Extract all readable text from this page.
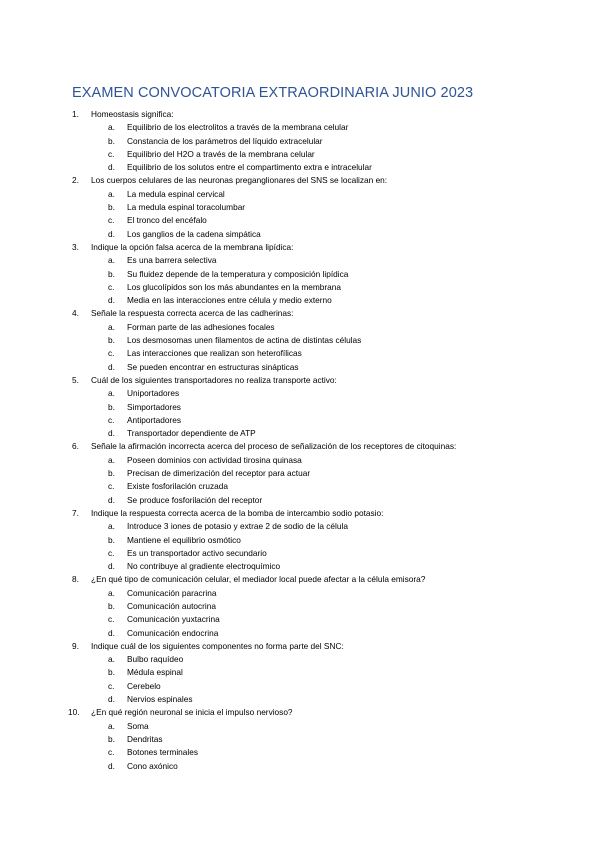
EXAMEN CONVOCATORIA EXTRAORDINARIA JUNIO 2023
1.	Homeostasis significa:
a. Equilibrio de los electrolitos a través de la membrana celular
b. Constancia de los parámetros del líquido extracelular
c. Equilibrio del H2O a través de la membrana celular
d. Equilibrio de los solutos entre el compartimento extra e intracelular
2.	Los cuerpos celulares de las neuronas preganglionares del SNS se localizan en:
a. La medula espinal cervical
b. La medula espinal toracolumbar
c. El tronco del encéfalo
d. Los ganglios de la cadena simpática
3.	Indique la opción falsa acerca de la membrana lipídica:
a. Es una barrera selectiva
b. Su fluidez depende de la temperatura y composición lipídica
c. Los glucolípidos son los más abundantes en la membrana
d. Media en las interacciones entre célula y medio externo
4.	Señale la respuesta correcta acerca de las cadherinas:
a. Forman parte de las adhesiones focales
b. Los desmosomas unen filamentos de actina de distintas células
c. Las interacciones que realizan son heterofílicas
d. Se pueden encontrar en estructuras sinápticas
5.	Cuál de los siguientes transportadores no realiza transporte activo:
a. Uniportadores
b. Simportadores
c. Antiportadores
d. Transportador dependiente de ATP
6.	Señale la afirmación incorrecta acerca del proceso de señalización de los receptores de citoquinas:
a. Poseen dominios con actividad tirosina quinasa
b. Precisan de dimerización del receptor para actuar
c. Existe fosforilación cruzada
d. Se produce fosforilación del receptor
7.	Indique la respuesta correcta acerca de la bomba de intercambio sodio potasio:
a. Introduce 3 iones de potasio y extrae 2 de sodio de la célula
b. Mantiene el equilibrio osmótico
c. Es un transportador activo secundario
d. No contribuye al gradiente electroquímico
8.	¿En qué tipo de comunicación celular, el mediador local puede afectar a la célula emisora?
a. Comunicación paracrina
b. Comunicación autocrina
c. Comunicación yuxtacrina
d. Comunicación endocrina
9.	Indique cuál de los siguientes componentes no forma parte del SNC:
a. Bulbo raquídeo
b. Médula espinal
c. Cerebelo
d. Nervios espinales
10.	¿En qué región neuronal se inicia el impulso nervioso?
a. Soma
b. Dendritas
c. Botones terminales
d. Cono axónico
